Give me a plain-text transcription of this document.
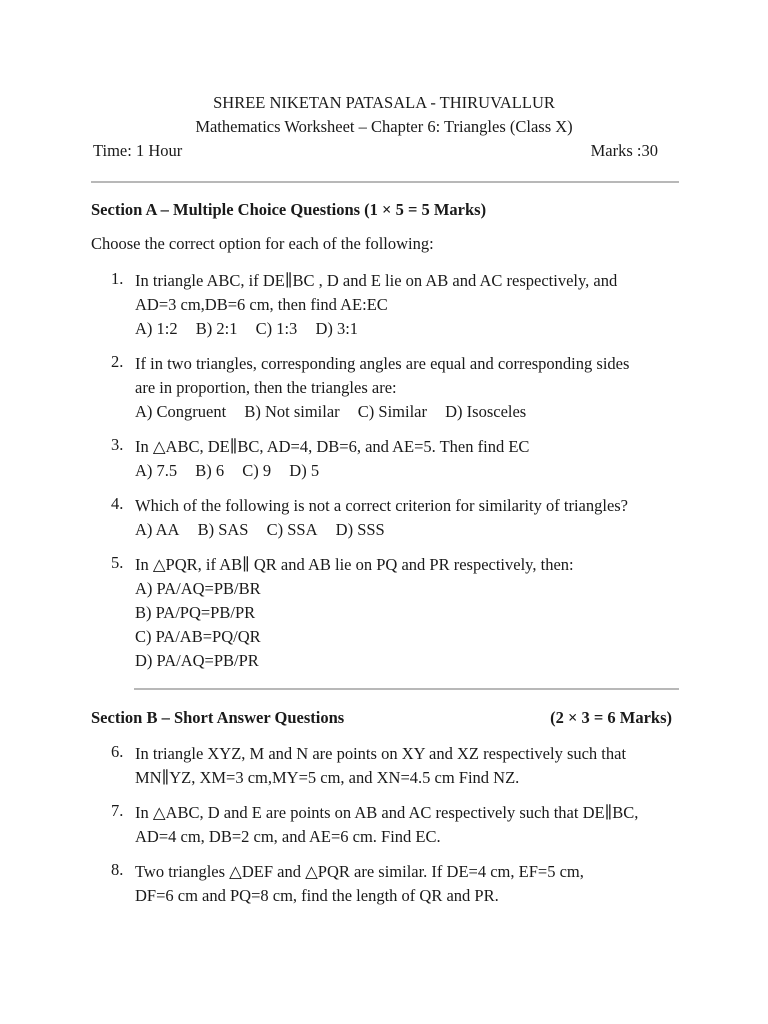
SHREE NIKETAN PATASALA - THIRUVALLUR
Mathematics Worksheet – Chapter 6: Triangles (Class X)
Time: 1 Hour	Marks :30
Section A – Multiple Choice Questions (1 × 5 = 5 Marks)
Choose the correct option for each of the following:
1. In triangle ABC, if DE∥BC , D and E lie on AB and AC respectively, and
AD=3 cm,DB=6 cm, then find AE:EC
A) 1:2 B) 2:1 C) 1:3 D) 3:1
2. If in two triangles, corresponding angles are equal and corresponding sides
are in proportion, then the triangles are:
A) Congruent B) Not similar C) Similar D) Isosceles
3. In △ABC, DE∥BC, AD=4, DB=6, and AE=5. Then find EC
A) 7.5 B) 6 C) 9 D) 5
4. Which of the following is not a correct criterion for similarity of triangles?
A) AA B) SAS C) SSA D) SSS
5. In △PQR, if AB∥ QR and AB lie on PQ and PR respectively, then:
A) PA/AQ=PB/BR
B) PA/PQ=PB/PR
C) PA/AB=PQ/QR
D) PA/AQ=PB/PR
Section B – Short Answer Questions	(2 × 3 = 6 Marks)
6. In triangle XYZ, M and N are points on XY and XZ respectively such that
MN∥YZ, XM=3 cm,MY=5 cm, and XN=4.5 cm Find NZ.
7. In △ABC, D and E are points on AB and AC respectively such that DE∥BC,
AD=4 cm, DB=2 cm, and AE=6 cm. Find EC.
8. Two triangles △DEF and △PQR are similar. If DE=4 cm, EF=5 cm,
DF=6 cm and PQ=8 cm, find the length of QR and PR.
